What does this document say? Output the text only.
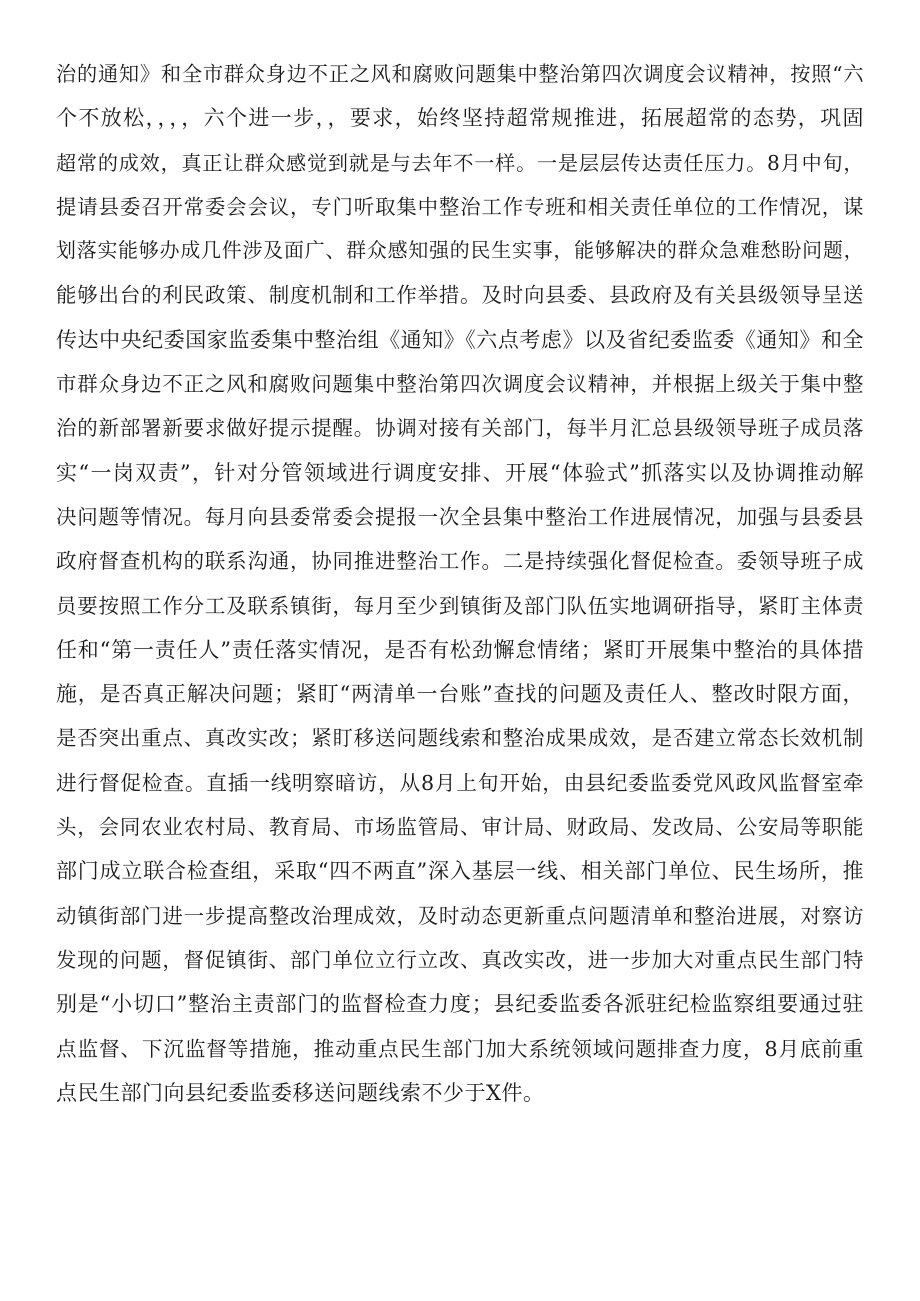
治的通知》和全市群众身边不正之风和腐败问题集中整治第四次调度会议精神，按照“六
个不放松，，，，六个进一步，，要求，始终坚持超常规推进，拓展超常的态势，巩固
超常的成效，真正让群众感觉到就是与去年不一样。一是层层传达责任压力。8月中旬，
提请县委召开常委会会议，专门听取集中整治工作专班和相关责任单位的工作情况，谋
划落实能够办成几件涉及面广、群众感知强的民生实事，能够解决的群众急难愁盼问题，
能够出台的利民政策、制度机制和工作举措。及时向县委、县政府及有关县级领导呈送
传达中央纪委国家监委集中整治组《通知》《六点考虑》以及省纪委监委《通知》和全
市群众身边不正之风和腐败问题集中整治第四次调度会议精神，并根据上级关于集中整
治的新部署新要求做好提示提醒。协调对接有关部门，每半月汇总县级领导班子成员落
实“一岗双责”，针对分管领域进行调度安排、开展“体验式”抓落实以及协调推动解
决问题等情况。每月向县委常委会提报一次全县集中整治工作进展情况，加强与县委县
政府督查机构的联系沟通，协同推进整治工作。二是持续强化督促检查。委领导班子成
员要按照工作分工及联系镇街，每月至少到镇街及部门队伍实地调研指导，紧盯主体责
任和“第一责任人”责任落实情况，是否有松劲懈怠情绪；紧盯开展集中整治的具体措
施，是否真正解决问题；紧盯“两清单一台账”查找的问题及责任人、整改时限方面，
是否突出重点、真改实改；紧盯移送问题线索和整治成果成效，是否建立常态长效机制
进行督促检查。直插一线明察暗访，从8月上旬开始，由县纪委监委党风政风监督室牵
头，会同农业农村局、教育局、市场监管局、审计局、财政局、发改局、公安局等职能
部门成立联合检查组，采取“四不两直”深入基层一线、相关部门单位、民生场所，推
动镇街部门进一步提高整改治理成效，及时动态更新重点问题清单和整治进展，对察访
发现的问题，督促镇街、部门单位立行立改、真改实改，进一步加大对重点民生部门特
别是“小切口”整治主责部门的监督检查力度；县纪委监委各派驻纪检监察组要通过驻
点监督、下沉监督等措施，推动重点民生部门加大系统领域问题排查力度，8月底前重
点民生部门向县纪委监委移送问题线索不少于X件。
